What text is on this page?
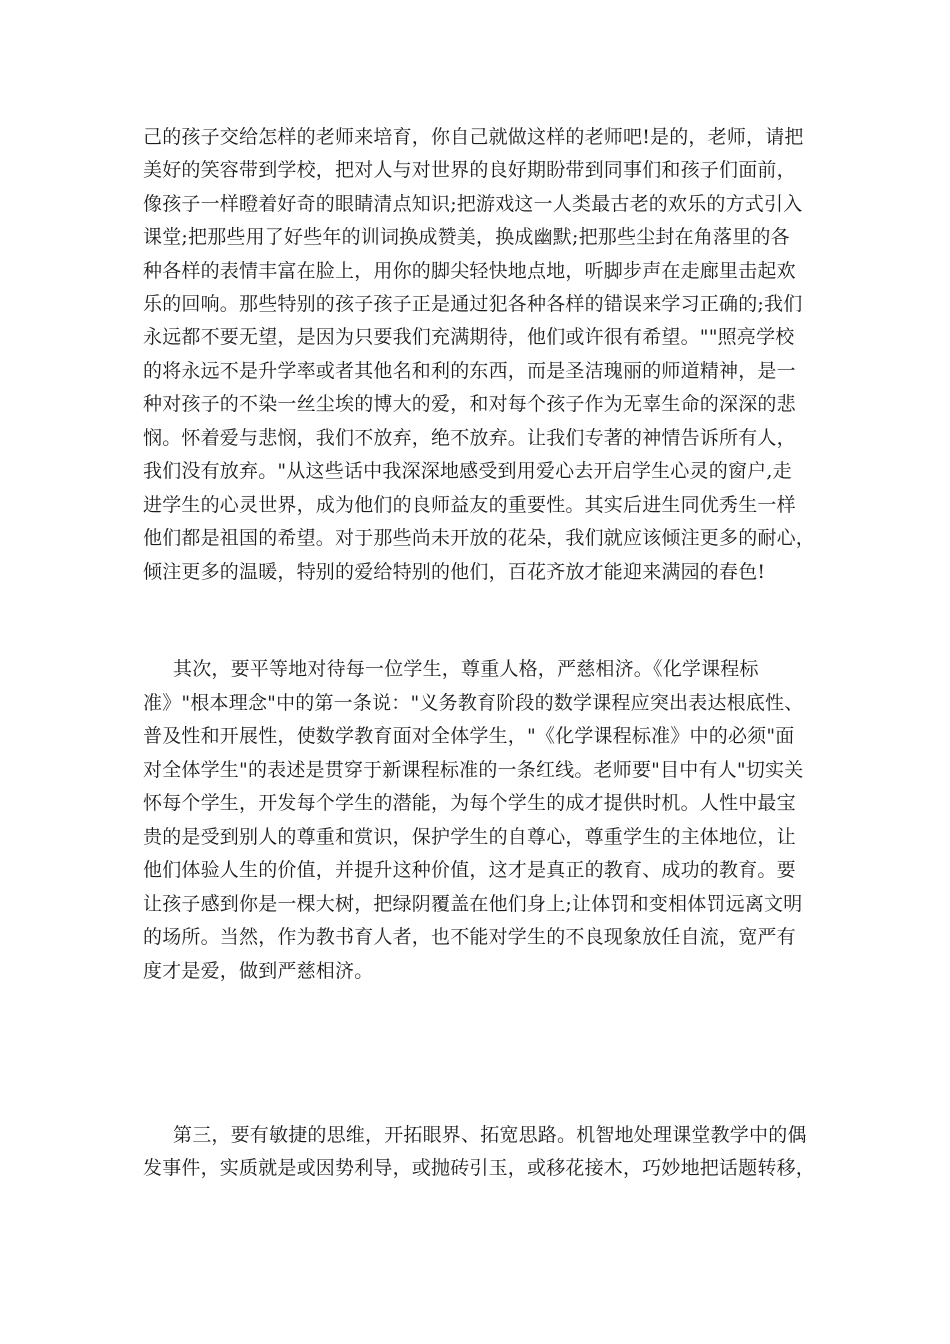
己的孩子交给怎样的老师来培育，你自己就做这样的老师吧!是的，老师，请把
美好的笑容带到学校，把对人与对世界的良好期盼带到同事们和孩子们面前，
像孩子一样瞪着好奇的眼睛清点知识;把游戏这一人类最古老的欢乐的方式引入
课堂;把那些用了好些年的训词换成赞美，换成幽默;把那些尘封在角落里的各
种各样的表情丰富在脸上，用你的脚尖轻快地点地，听脚步声在走廊里击起欢
乐的回响。那些特别的孩子孩子正是通过犯各种各样的错误来学习正确的;我们
永远都不要无望，是因为只要我们充满期待，他们或许很有希望。""照亮学校
的将永远不是升学率或者其他名和利的东西，而是圣洁瑰丽的师道精神，是一
种对孩子的不染一丝尘埃的博大的爱，和对每个孩子作为无辜生命的深深的悲
悯。怀着爱与悲悯，我们不放弃，绝不放弃。让我们专著的神情告诉所有人，
我们没有放弃。"从这些话中我深深地感受到用爱心去开启学生心灵的窗户,走
进学生的心灵世界，成为他们的良师益友的重要性。其实后进生同优秀生一样
他们都是祖国的希望。对于那些尚未开放的花朵，我们就应该倾注更多的耐心，
倾注更多的温暖，特别的爱给特别的他们，百花齐放才能迎来满园的春色!
其次，要平等地对待每一位学生，尊重人格，严慈相济。《化学课程标
准》"根本理念"中的第一条说："义务教育阶段的数学课程应突出表达根底性、
普及性和开展性，使数学教育面对全体学生，"《化学课程标准》中的必须"面
对全体学生"的表述是贯穿于新课程标准的一条红线。老师要"目中有人"切实关
怀每个学生，开发每个学生的潜能，为每个学生的成才提供时机。人性中最宝
贵的是受到别人的尊重和赏识，保护学生的自尊心，尊重学生的主体地位，让
他们体验人生的价值，并提升这种价值，这才是真正的教育、成功的教育。要
让孩子感到你是一棵大树，把绿阴覆盖在他们身上;让体罚和变相体罚远离文明
的场所。当然，作为教书育人者，也不能对学生的不良现象放任自流，宽严有
度才是爱，做到严慈相济。
第三，要有敏捷的思维，开拓眼界、拓宽思路。机智地处理课堂教学中的偶
发事件，实质就是或因势利导，或抛砖引玉，或移花接木，巧妙地把话题转移，
